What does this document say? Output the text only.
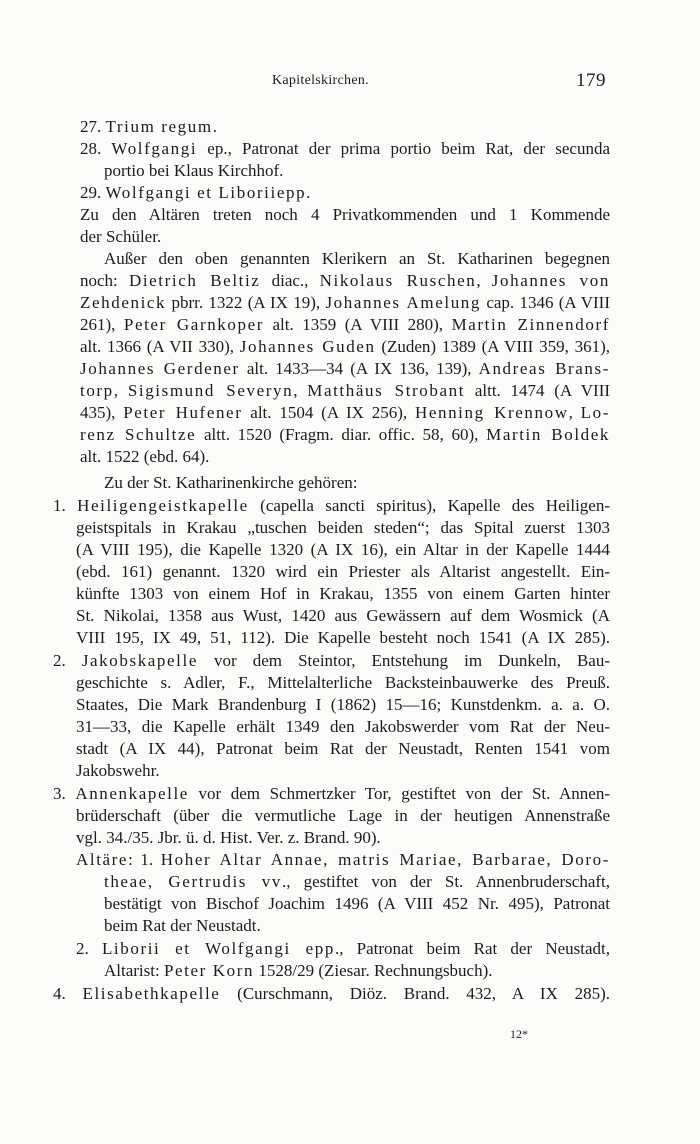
Kapitelskirchen.	179
27. Trium regum.
28. Wolfgangi ep., Patronat der prima portio beim Rat, der secunda
portio bei Klaus Kirchhof.
29. Wolfgangi et Liboriiepp.
Zu den Altären treten noch 4 Privatkommenden und 1 Kommende
der Schüler.
Außer den oben genannten Klerikern an St. Katharinen begegnen
noch: Dietrich Beltiz diac., Nikolaus Ruschen, Johannes von
Zehdenick pbrr. 1322 (A IX 19), Johannes Amelung cap. 1346 (A VIII
261), Peter Garnkoper alt. 1359 (A VIII 280), Martin Zinnendorf
alt. 1366 (A VII 330), Johannes Guden (Zuden) 1389 (A VIII 359, 361),
Johannes Gerdener alt. 1433—34 (A IX 136, 139), Andreas Brans-
torp, Sigismund Severyn, Matthäus Strobant altt. 1474 (A VIII
435), Peter Hufener alt. 1504 (A IX 256), Henning Krennow, Lo-
renz Schultze altt. 1520 (Fragm. diar. offic. 58, 60), Martin Boldek
alt. 1522 (ebd. 64).
Zu der St. Katharinenkirche gehören:
1. Heiligengeistkapelle (capella sancti spiritus), Kapelle des Heiligen-
geistspitals in Krakau „tuschen beiden steden“; das Spital zuerst 1303
(A VIII 195), die Kapelle 1320 (A IX 16), ein Altar in der Kapelle 1444
(ebd. 161) genannt. 1320 wird ein Priester als Altarist angestellt. Ein-
künfte 1303 von einem Hof in Krakau, 1355 von einem Garten hinter
St. Nikolai, 1358 aus Wust, 1420 aus Gewässern auf dem Wosmick (A
VIII 195, IX 49, 51, 112). Die Kapelle besteht noch 1541 (A IX 285).
2. Jakobskapelle vor dem Steintor, Entstehung im Dunkeln, Bau-
geschichte s. Adler, F., Mittelalterliche Backsteinbauwerke des Preuß.
Staates, Die Mark Brandenburg I (1862) 15—16; Kunstdenkm. a. a. O.
31—33, die Kapelle erhält 1349 den Jakobswerder vom Rat der Neu-
stadt (A IX 44), Patronat beim Rat der Neustadt, Renten 1541 vom
Jakobswehr.
3. Annenkapelle vor dem Schmertzker Tor, gestiftet von der St. Annen-
brüderschaft (über die vermutliche Lage in der heutigen Annenstraße
vgl. 34./35. Jbr. ü. d. Hist. Ver. z. Brand. 90).
Altäre: 1. Hoher Altar Annae, matris Mariae, Barbarae, Doro-
theae, Gertrudis vv., gestiftet von der St. Annenbruderschaft,
bestätigt von Bischof Joachim 1496 (A VIII 452 Nr. 495), Patronat
beim Rat der Neustadt.
2. Liborii et Wolfgangi epp., Patronat beim Rat der Neustadt,
Altarist: Peter Korn 1528/29 (Ziesar. Rechnungsbuch).
4. Elisabethkapelle (Curschmann, Diöz. Brand. 432, A IX 285).
12*
